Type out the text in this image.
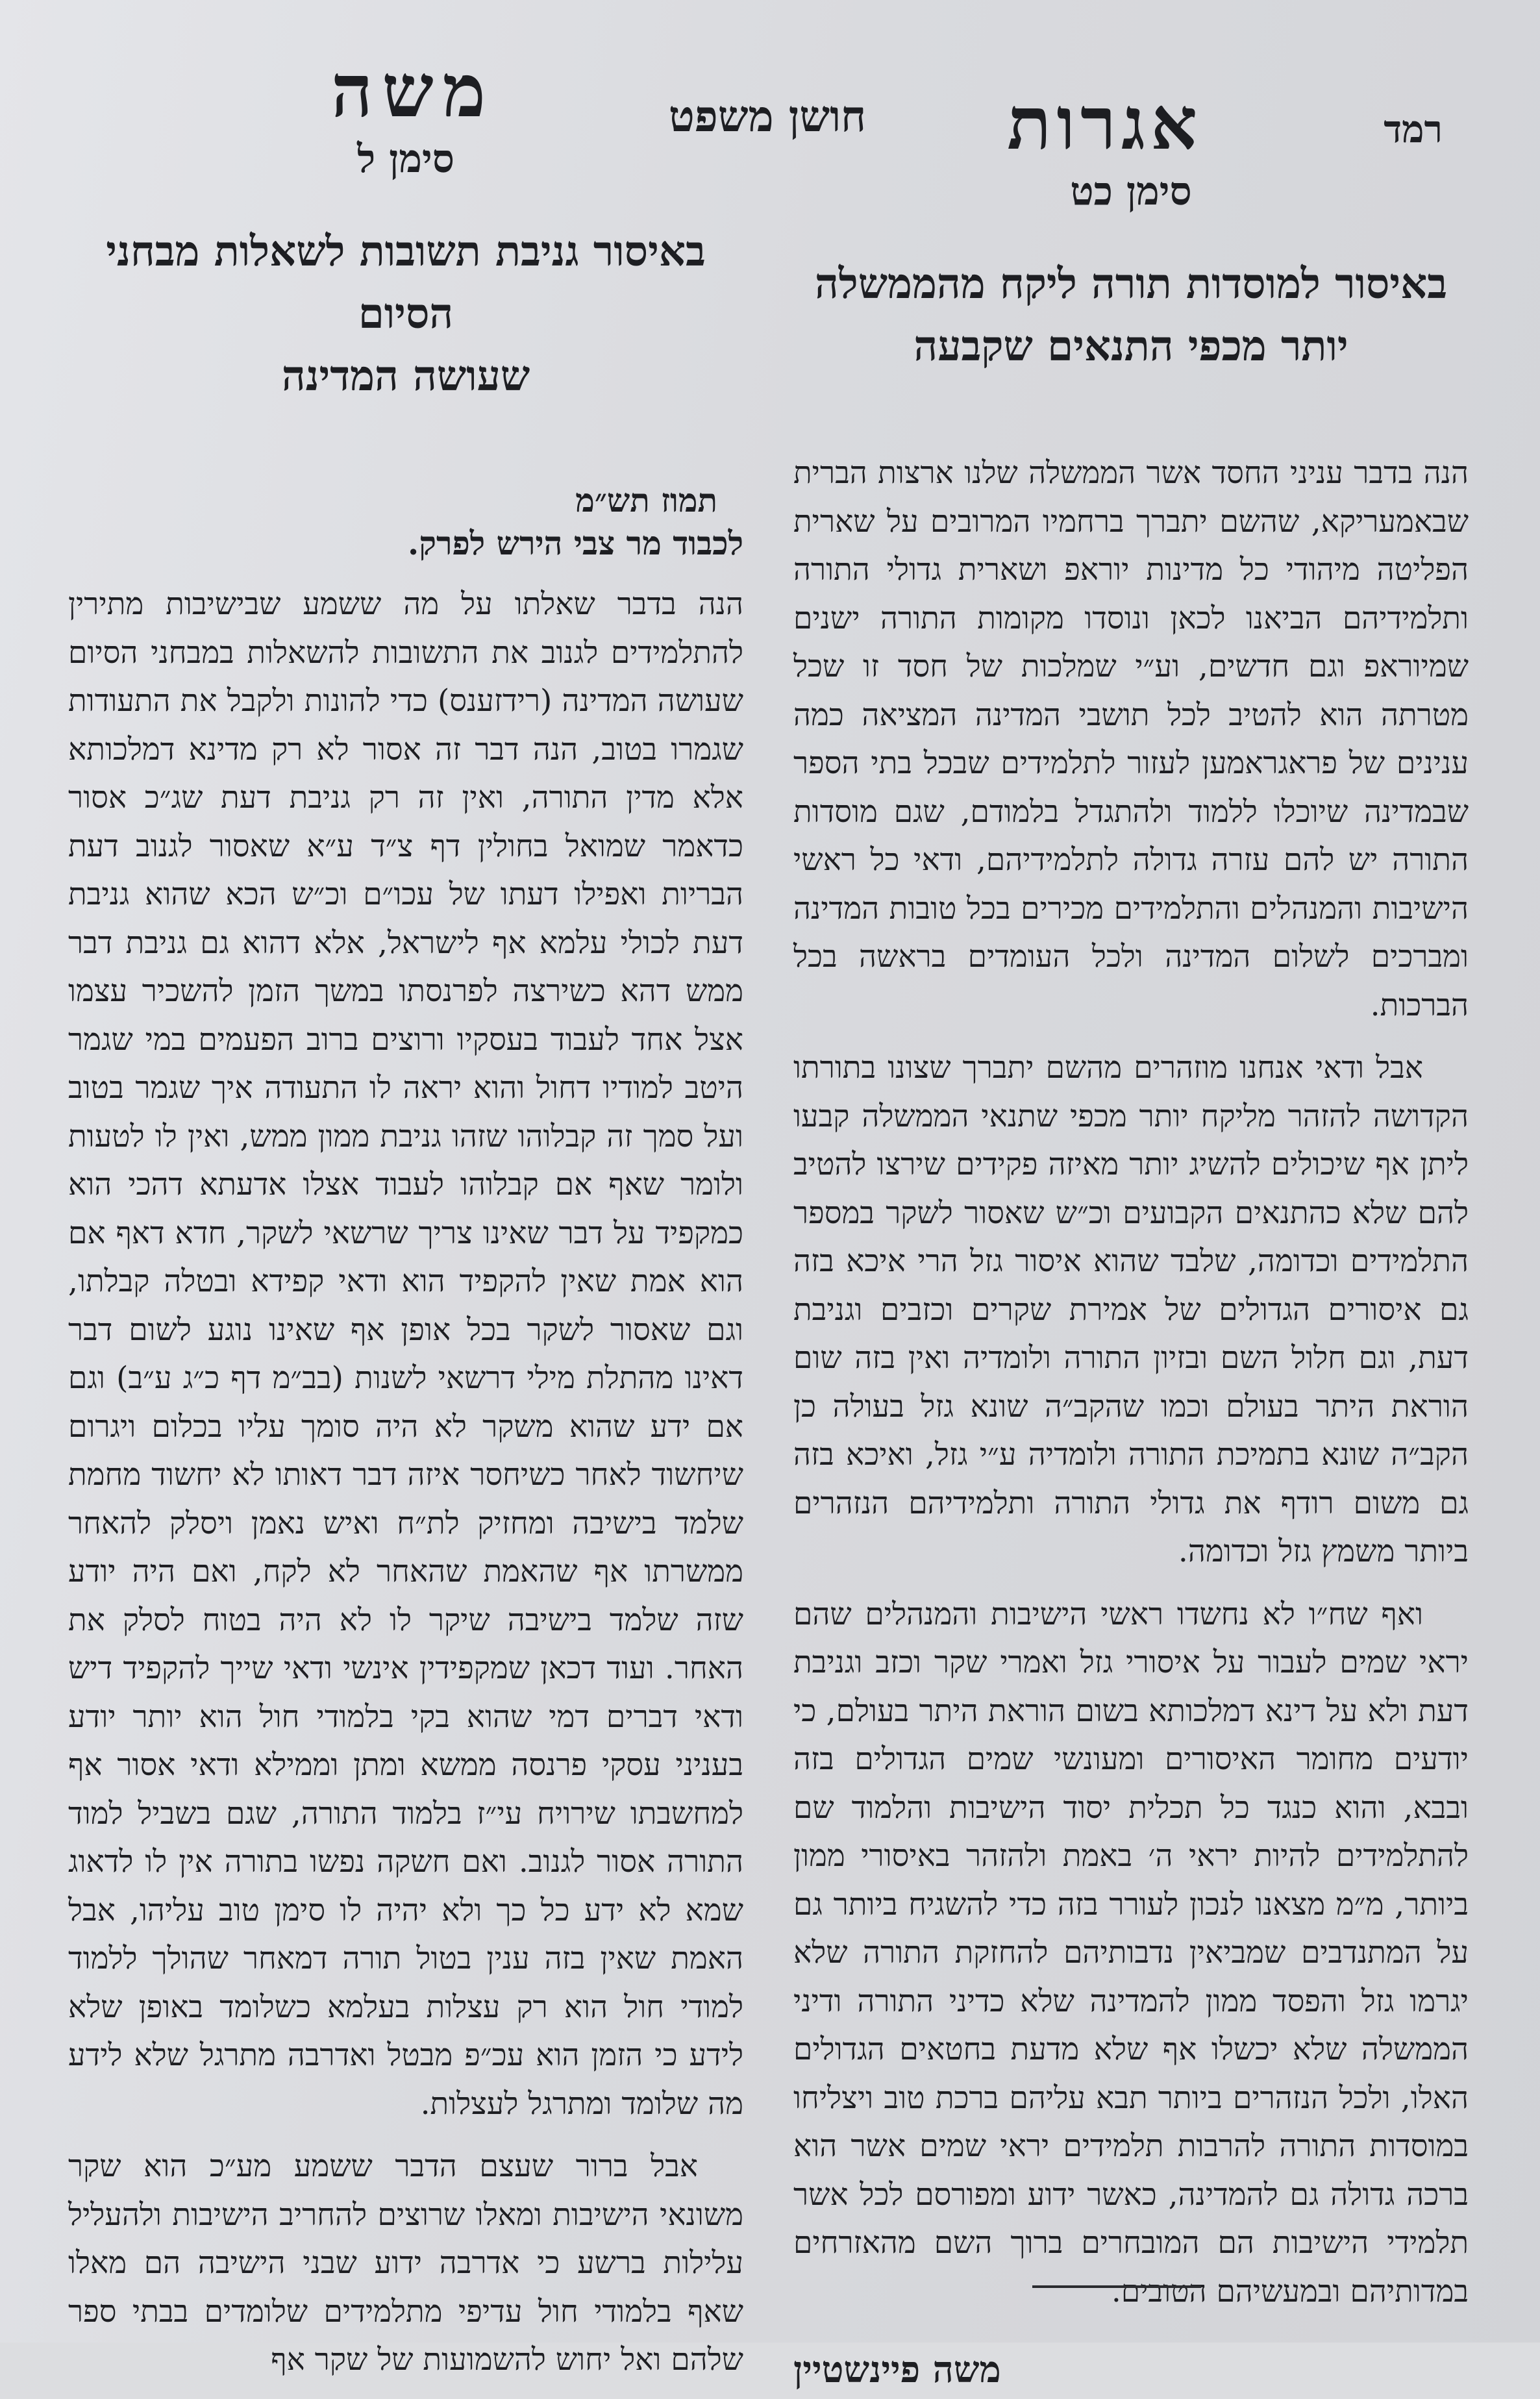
רמד
אגרות
חושן משפט
משה
סימן כט
באיסור למוסדות תורה ליקח מהממשלה
יותר מכפי התנאים שקבעה

הנה בדבר עניני החסד אשר הממשלה שלנו ארצות הברית שבאמעריקא, שהשם יתברך ברחמיו המרובים על שארית הפליטה מיהודי כל מדינות יוראפ ושארית גדולי התורה ותלמידיהם הביאנו לכאן ונוסדו מקומות התורה ישנים שמיוראפ וגם חדשים, וע״י שמלכות של חסד זו שכל מטרתה הוא להטיב לכל תושבי המדינה המציאה כמה ענינים של פראגראמען לעזור לתלמידים שבכל בתי הספר שבמדינה שיוכלו ללמוד ולהתגדל בלמודם, שגם מוסדות התורה יש להם עזרה גדולה לתלמידיהם, ודאי כל ראשי הישיבות והמנהלים והתלמידים מכירים בכל טובות המדינה ומברכים לשלום המדינה ולכל העומדים בראשה בכל הברכות.

אבל ודאי אנחנו מוזהרים מהשם יתברך שצונו בתורתו הקדושה להזהר מליקח יותר מכפי שתנאי הממשלה קבעו ליתן אף שיכולים להשיג יותר מאיזה פקידים שירצו להטיב להם שלא כהתנאים הקבועים וכ״ש שאסור לשקר במספר התלמידים וכדומה, שלבד שהוא איסור גזל הרי איכא בזה גם איסורים הגדולים של אמירת שקרים וכזבים וגניבת דעת, וגם חלול השם ובזיון התורה ולומדיה ואין בזה שום הוראת היתר בעולם וכמו שהקב״ה שונא גזל בעולה כן הקב״ה שונא בתמיכת התורה ולומדיה ע״י גזל, ואיכא בזה גם משום רודף את גדולי התורה ותלמידיהם הנזהרים ביותר משמץ גזל וכדומה.

ואף שח״ו לא נחשדו ראשי הישיבות והמנהלים שהם יראי שמים לעבור על איסורי גזל ואמרי שקר וכזב וגניבת דעת ולא על דינא דמלכותא בשום הוראת היתר בעולם, כי יודעים מחומר האיסורים ומעונשי שמים הגדולים בזה ובבא, והוא כנגד כל תכלית יסוד הישיבות והלמוד שם להתלמידים להיות יראי ה׳ באמת ולהזהר באיסורי ממון ביותר, מ״מ מצאנו לנכון לעורר בזה כדי להשגיח ביותר גם על המתנדבים שמביאין נדבותיהם להחזקת התורה שלא יגרמו גזל והפסד ממון להמדינה שלא כדיני התורה ודיני הממשלה שלא יכשלו אף שלא מדעת בחטאים הגדולים האלו, ולכל הנזהרים ביותר תבא עליהם ברכת טוב ויצליחו במוסדות התורה להרבות תלמידים יראי שמים אשר הוא ברכה גדולה גם להמדינה, כאשר ידוע ומפורסם לכל אשר תלמידי הישיבות הם המובחרים ברוך השם מהאזרחים במדותיהם ובמעשיהם הטובים.

משה פיינשטיין
סימן ל
באיסור גניבת תשובות לשאלות מבחני הסיום
שעושה המדינה
תמוז תש״מ
לכבוד מר צבי הירש לפרק.

הנה בדבר שאלתו על מה ששמע שבישיבות מתירין להתלמידים לגנוב את התשובות להשאלות במבחני הסיום שעושה המדינה (רידזענס) כדי להונות ולקבל את התעודות שגמרו בטוב, הנה דבר זה אסור לא רק מדינא דמלכותא אלא מדין התורה, ואין זה רק גניבת דעת שג״כ אסור כדאמר שמואל בחולין דף צ״ד ע״א שאסור לגנוב דעת הבריות ואפילו דעתו של עכו״ם וכ״ש הכא שהוא גניבת דעת לכולי עלמא אף לישראל, אלא דהוא גם גניבת דבר ממש דהא כשירצה לפרנסתו במשך הזמן להשכיר עצמו אצל אחד לעבוד בעסקיו ורוצים ברוב הפעמים במי שגמר היטב למודיו דחול והוא יראה לו התעודה איך שגמר בטוב ועל סמך זה קבלוהו שזהו גניבת ממון ממש, ואין לו לטעות ולומר שאף אם קבלוהו לעבוד אצלו אדעתא דהכי הוא כמקפיד על דבר שאינו צריך שרשאי לשקר, חדא דאף אם הוא אמת שאין להקפיד הוא ודאי קפידא ובטלה קבלתו, וגם שאסור לשקר בכל אופן אף שאינו נוגע לשום דבר דאינו מהתלת מילי דרשאי לשנות (בב״מ דף כ״ג ע״ב) וגם אם ידע שהוא משקר לא היה סומך עליו בכלום ויגרום שיחשוד לאחר כשיחסר איזה דבר דאותו לא יחשוד מחמת שלמד בישיבה ומחזיק לת״ח ואיש נאמן ויסלק להאחר ממשרתו אף שהאמת שהאחר לא לקח, ואם היה יודע שזה שלמד בישיבה שיקר לו לא היה בטוח לסלק את האחר. ועוד דכאן שמקפידין אינשי ודאי שייך להקפיד דיש ודאי דברים דמי שהוא בקי בלמודי חול הוא יותר יודע בעניני עסקי פרנסה ממשא ומתן וממילא ודאי אסור אף למחשבתו שירויח עי״ז בלמוד התורה, שגם בשביל למוד התורה אסור לגנוב. ואם חשקה נפשו בתורה אין לו לדאוג שמא לא ידע כל כך ולא יהיה לו סימן טוב עליהו, אבל האמת שאין בזה ענין בטול תורה דמאחר שהולך ללמוד למודי חול הוא רק עצלות בעלמא כשלומד באופן שלא לידע כי הזמן הוא עכ״פ מבטל ואדרבה מתרגל שלא לידע מה שלומד ומתרגל לעצלות.

אבל ברור שעצם הדבר ששמע מע״כ הוא שקר משונאי הישיבות ומאלו שרוצים להחריב הישיבות ולהעליל עלילות ברשע כי אדרבה ידוע שבני הישיבה הם מאלו שאף בלמודי חול עדיפי מתלמידים שלומדים בבתי ספר שלהם ואל יחוש להשמועות של שקר אף
